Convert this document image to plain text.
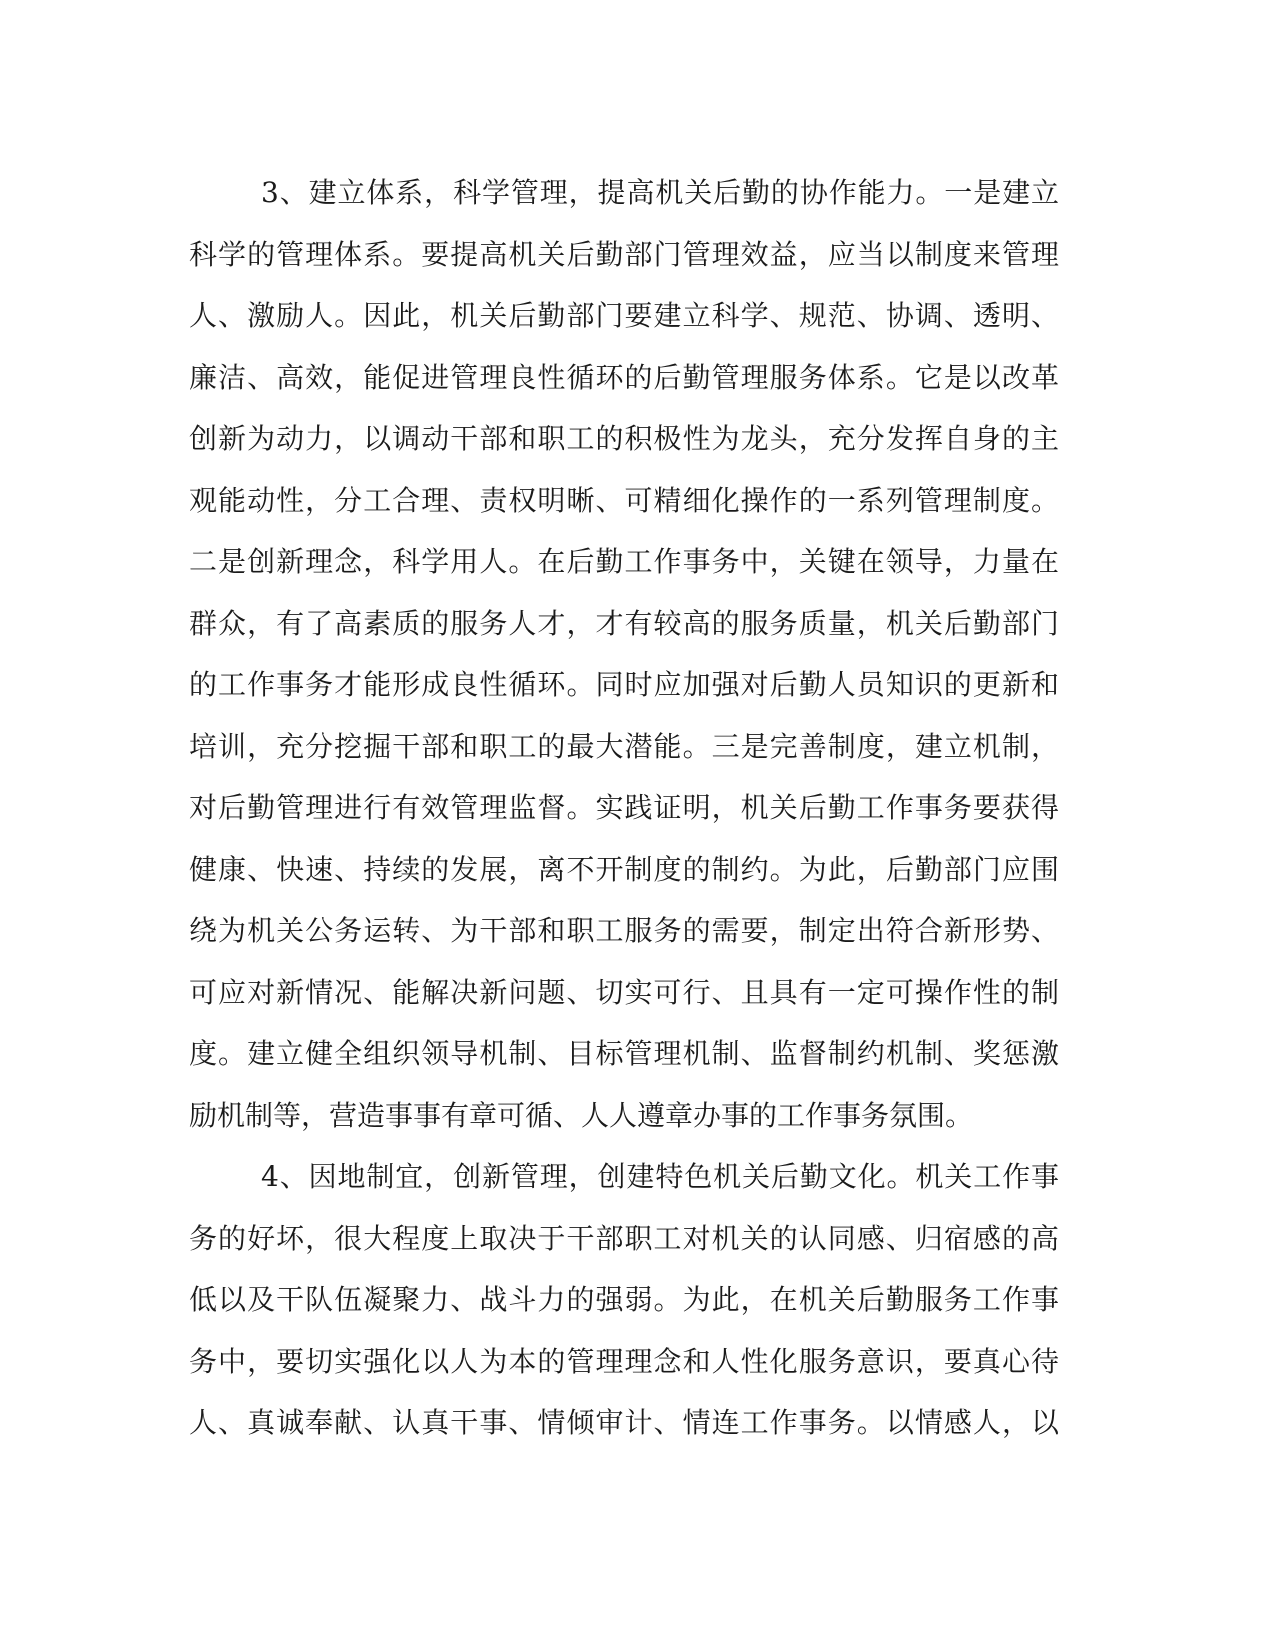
3、建立体系，科学管理，提高机关后勤的协作能力。一是建立
科学的管理体系。要提高机关后勤部门管理效益，应当以制度来管理
人、激励人。因此，机关后勤部门要建立科学、规范、协调、透明、
廉洁、高效，能促进管理良性循环的后勤管理服务体系。它是以改革
创新为动力，以调动干部和职工的积极性为龙头，充分发挥自身的主
观能动性，分工合理、责权明晰、可精细化操作的一系列管理制度。
二是创新理念，科学用人。在后勤工作事务中，关键在领导，力量在
群众，有了高素质的服务人才，才有较高的服务质量，机关后勤部门
的工作事务才能形成良性循环。同时应加强对后勤人员知识的更新和
培训，充分挖掘干部和职工的最大潜能。三是完善制度，建立机制，
对后勤管理进行有效管理监督。实践证明，机关后勤工作事务要获得
健康、快速、持续的发展，离不开制度的制约。为此，后勤部门应围
绕为机关公务运转、为干部和职工服务的需要，制定出符合新形势、
可应对新情况、能解决新问题、切实可行、且具有一定可操作性的制
度。建立健全组织领导机制、目标管理机制、监督制约机制、奖惩激
励机制等，营造事事有章可循、人人遵章办事的工作事务氛围。
4、因地制宜，创新管理，创建特色机关后勤文化。机关工作事
务的好坏，很大程度上取决于干部职工对机关的认同感、归宿感的高
低以及干队伍凝聚力、战斗力的强弱。为此，在机关后勤服务工作事
务中，要切实强化以人为本的管理理念和人性化服务意识，要真心待
人、真诚奉献、认真干事、情倾审计、情连工作事务。以情感人，以
